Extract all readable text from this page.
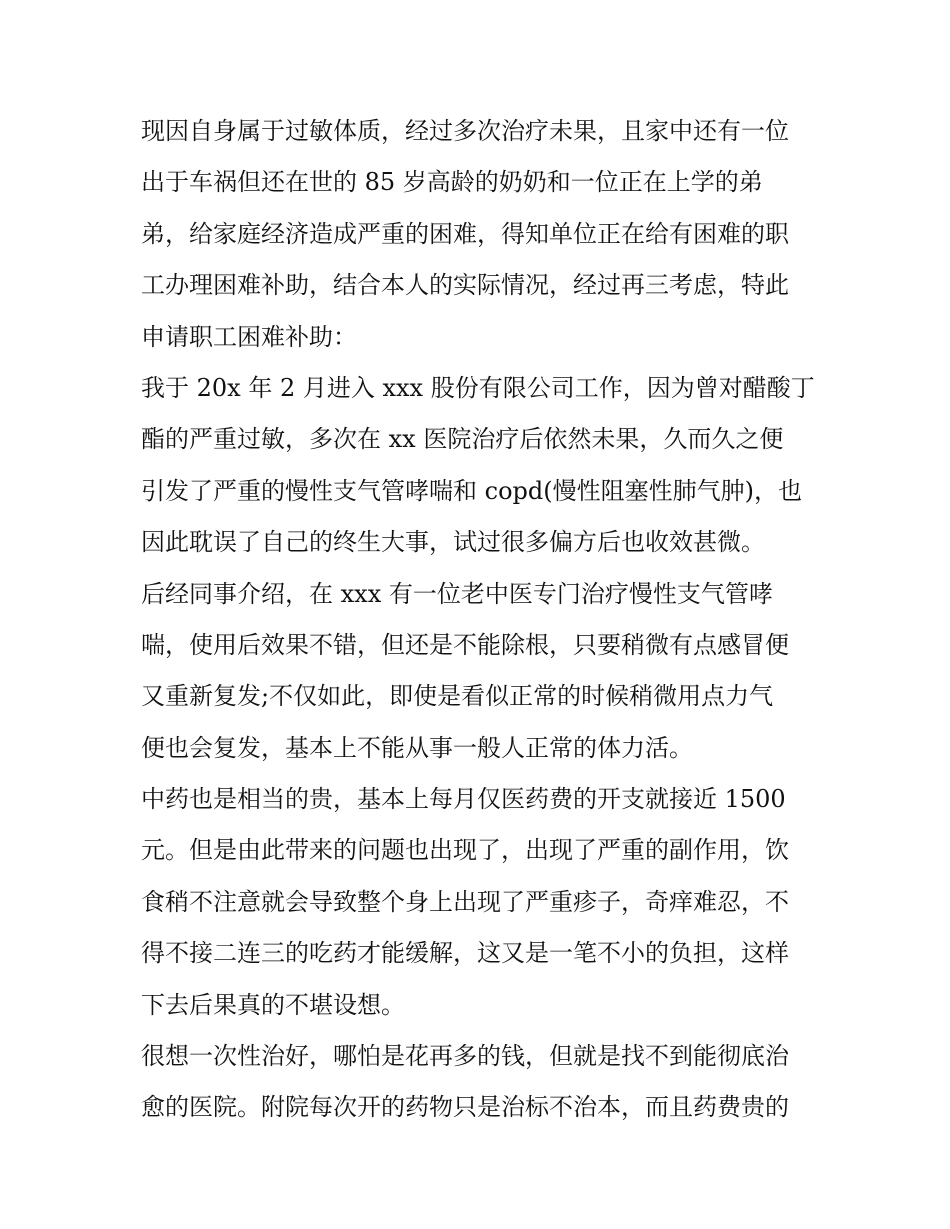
现因自身属于过敏体质，经过多次治疗未果，且家中还有一位
出于车祸但还在世的 85 岁高龄的奶奶和一位正在上学的弟
弟，给家庭经济造成严重的困难，得知单位正在给有困难的职
工办理困难补助，结合本人的实际情况，经过再三考虑，特此
申请职工困难补助：
我于 20x 年 2 月进入 xxx 股份有限公司工作，因为曾对醋酸丁
酯的严重过敏，多次在 xx 医院治疗后依然未果，久而久之便
引发了严重的慢性支气管哮喘和 copd(慢性阻塞性肺气肿)，也
因此耽误了自己的终生大事，试过很多偏方后也收效甚微。
后经同事介绍，在 xxx 有一位老中医专门治疗慢性支气管哮
喘，使用后效果不错，但还是不能除根，只要稍微有点感冒便
又重新复发;不仅如此，即使是看似正常的时候稍微用点力气
便也会复发，基本上不能从事一般人正常的体力活。
中药也是相当的贵，基本上每月仅医药费的开支就接近 1500
元。但是由此带来的问题也出现了，出现了严重的副作用，饮
食稍不注意就会导致整个身上出现了严重疹子，奇痒难忍，不
得不接二连三的吃药才能缓解，这又是一笔不小的负担，这样
下去后果真的不堪设想。
很想一次性治好，哪怕是花再多的钱，但就是找不到能彻底治
愈的医院。附院每次开的药物只是治标不治本，而且药费贵的
